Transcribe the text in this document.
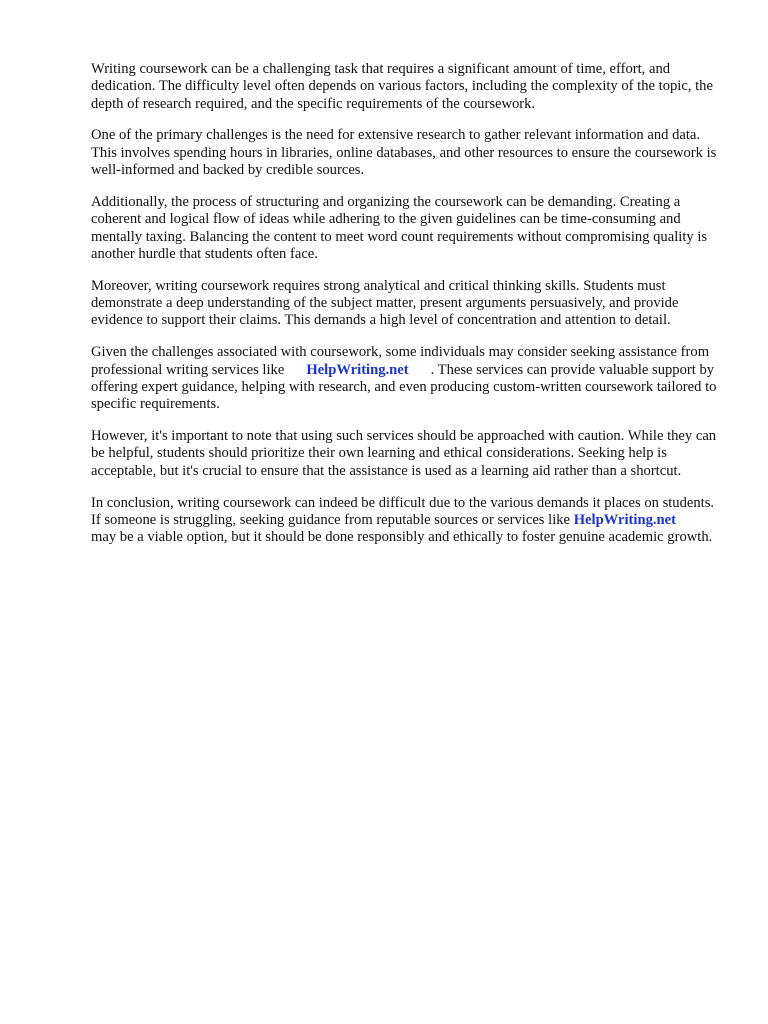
Writing coursework can be a challenging task that requires a significant amount of time, effort, and dedication. The difficulty level often depends on various factors, including the complexity of the topic, the depth of research required, and the specific requirements of the coursework.

One of the primary challenges is the need for extensive research to gather relevant information and data. This involves spending hours in libraries, online databases, and other resources to ensure the coursework is well-informed and backed by credible sources.

Additionally, the process of structuring and organizing the coursework can be demanding. Creating a coherent and logical flow of ideas while adhering to the given guidelines can be time-consuming and mentally taxing. Balancing the content to meet word count requirements without compromising quality is another hurdle that students often face.

Moreover, writing coursework requires strong analytical and critical thinking skills. Students must demonstrate a deep understanding of the subject matter, present arguments persuasively, and provide evidence to support their claims. This demands a high level of concentration and attention to detail.

Given the challenges associated with coursework, some individuals may consider seeking assistance from professional writing services like HelpWriting.net . These services can provide valuable support by offering expert guidance, helping with research, and even producing custom-written coursework tailored to specific requirements.

However, it's important to note that using such services should be approached with caution. While they can be helpful, students should prioritize their own learning and ethical considerations. Seeking help is acceptable, but it's crucial to ensure that the assistance is used as a learning aid rather than a shortcut.

In conclusion, writing coursework can indeed be difficult due to the various demands it places on students. If someone is struggling, seeking guidance from reputable sources or services like HelpWriting.netmay be a viable option, but it should be done responsibly and ethically to foster genuine academic growth.
